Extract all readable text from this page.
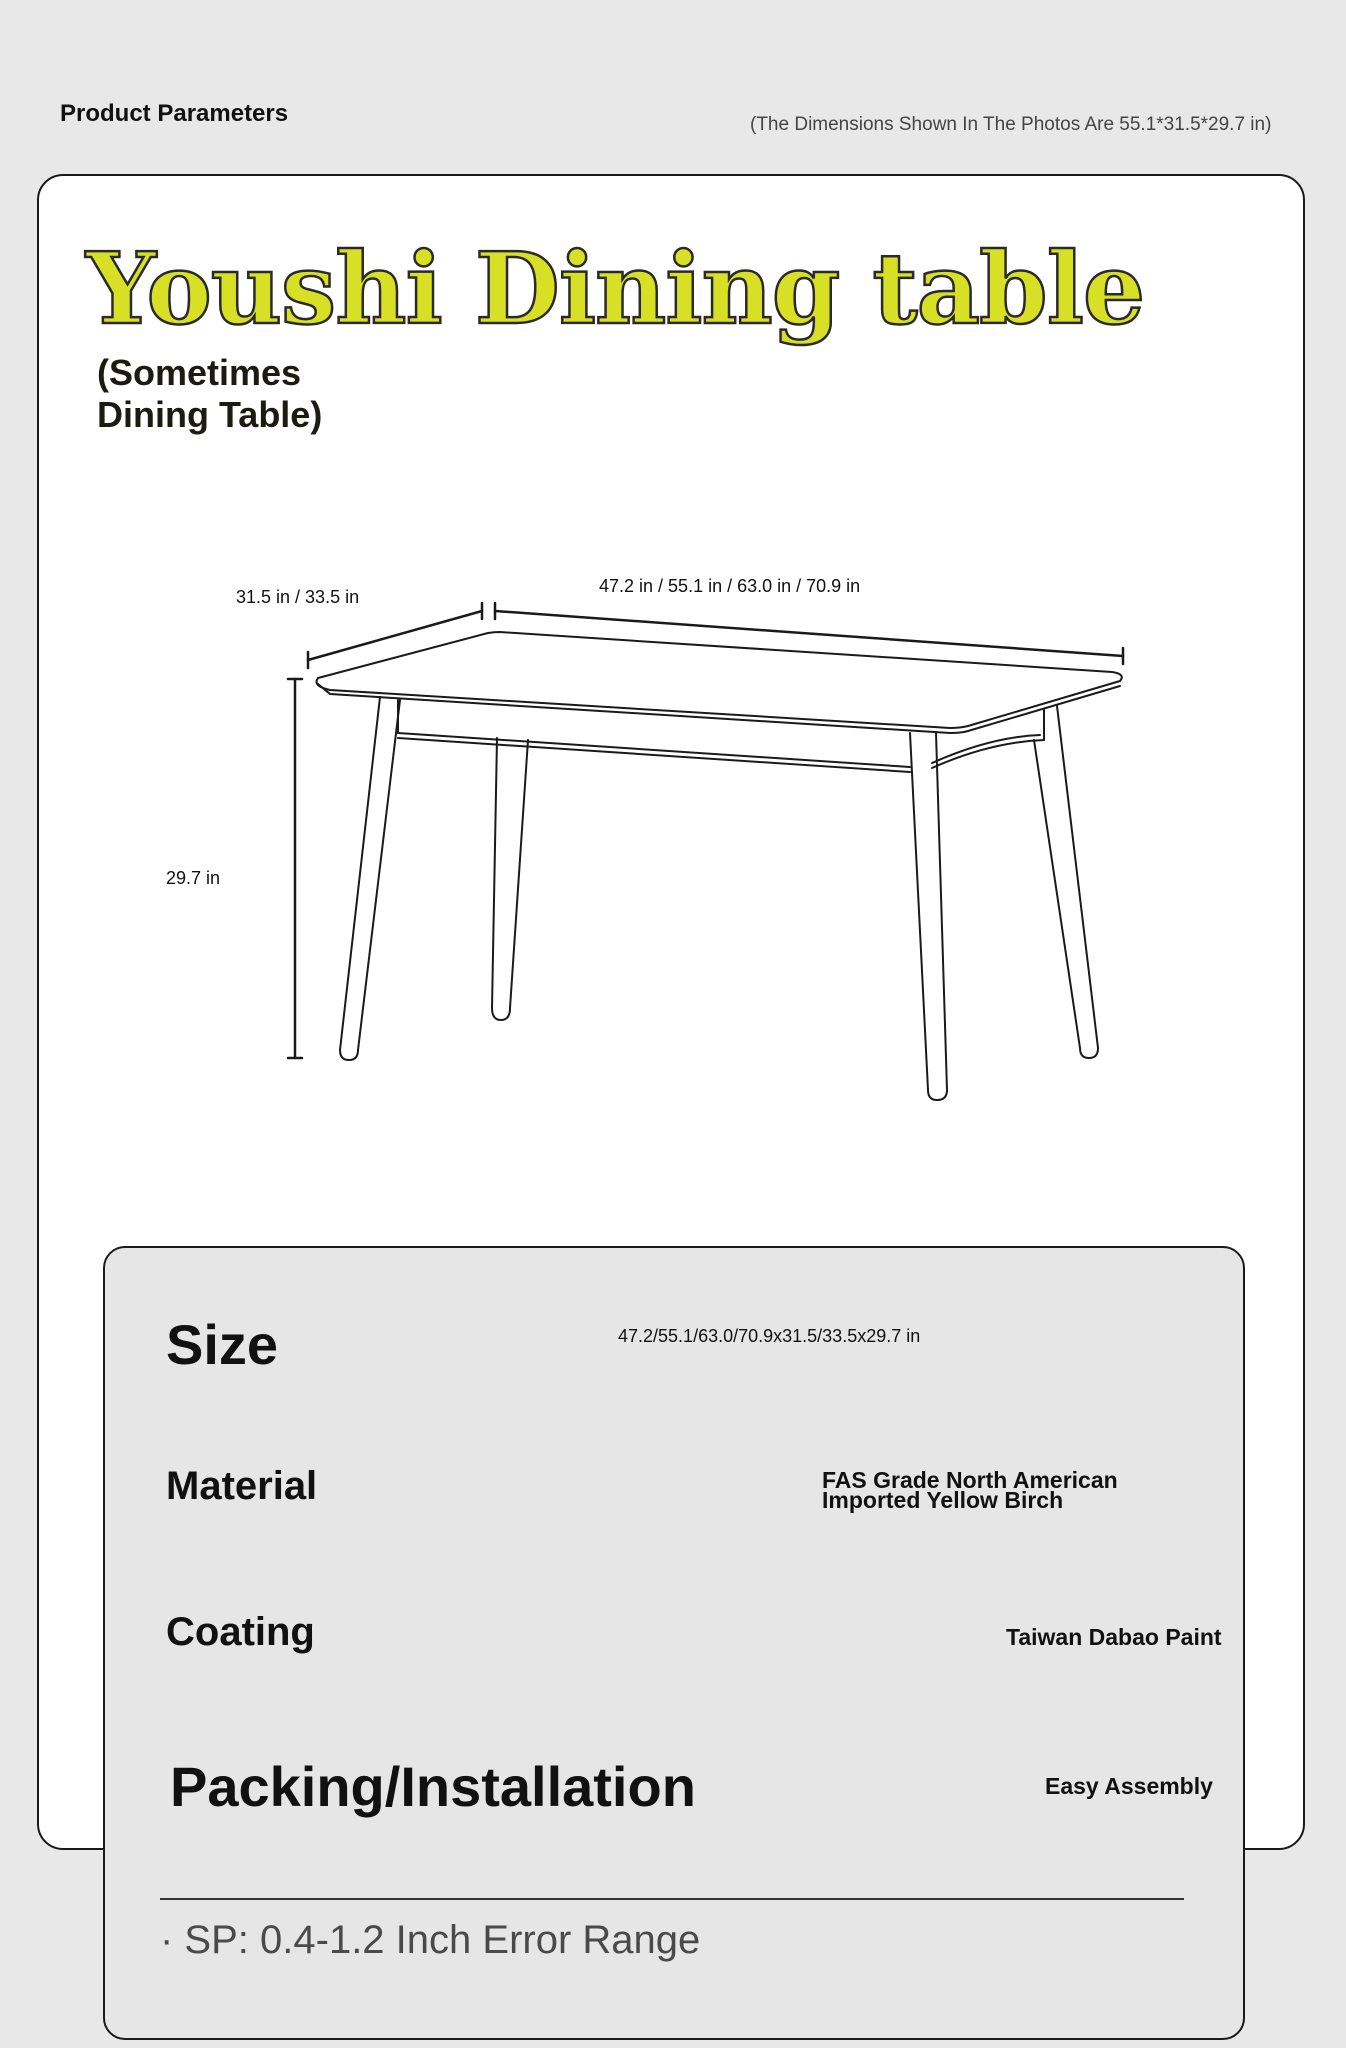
Product Parameters	(The Dimensions Shown In The Photos Are 55.1*31.5*29.7 in)
Youshi Dining table
(Sometimes Dining Table)
31.5 in / 33.5 in
47.2 in / 55.1 in / 63.0 in / 70.9 in
29.7 in
Size	47.2/55.1/63.0/70.9x31.5/33.5x29.7 in
Material	FAS Grade North American Imported Yellow Birch
Coating	Taiwan Dabao Paint
Packing/Installation	Easy Assembly
· SP: 0.4-1.2 Inch Error Range
